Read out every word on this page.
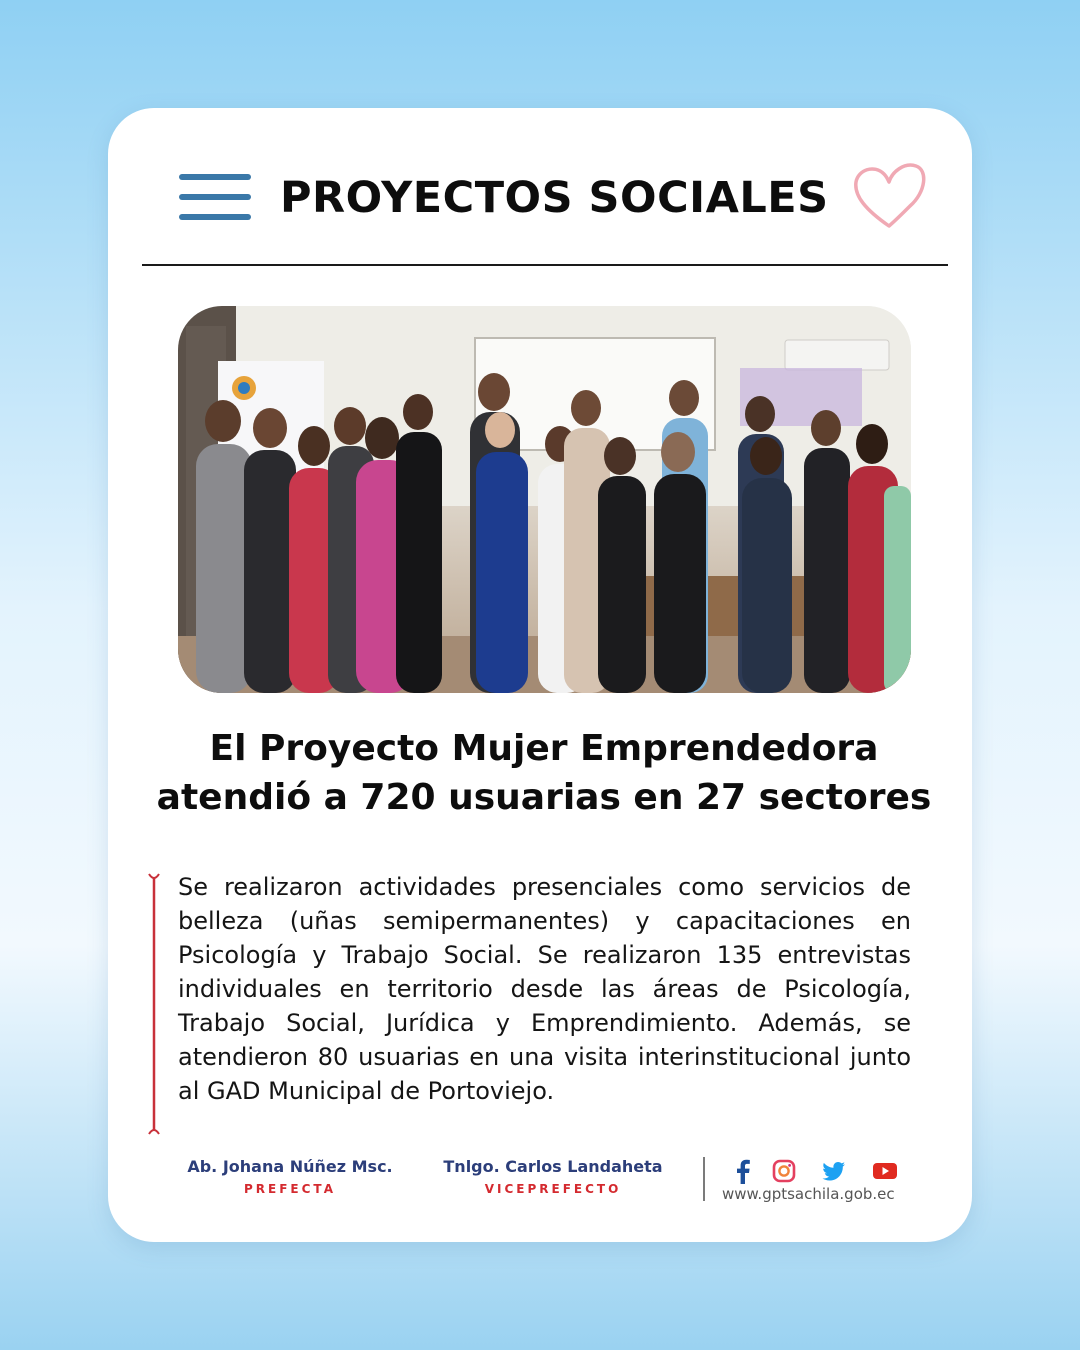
PROYECTOS SOCIALES
El Proyecto Mujer Emprendedora atendió a 720 usuarias en 27 sectores

Se realizaron actividades presenciales como servicios de belleza (uñas semipermanentes) y capacitaciones en Psicología y Trabajo Social. Se realizaron 135 entrevistas individuales en territorio desde las áreas de Psicología, Trabajo Social, Jurídica y Emprendimiento. Además, se atendieron 80 usuarias en una visita interinstitucional junto al GAD Municipal de Portoviejo.

Ab. Johana Núñez Msc.
PREFECTA
Tnlgo. Carlos Landaheta
VICEPREFECTO	www.gptsachila.gob.ec
